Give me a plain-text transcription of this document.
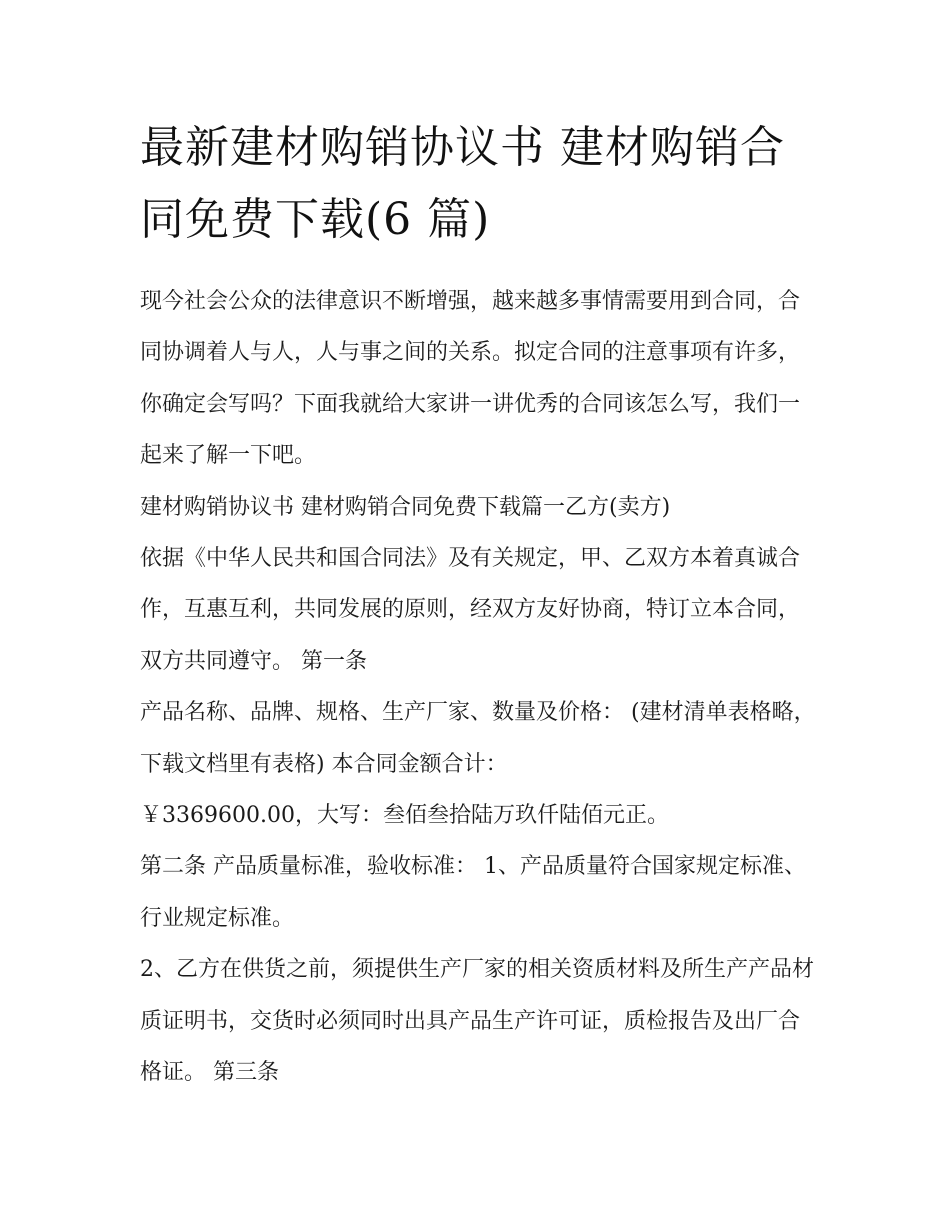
最新建材购销协议书 建材购销合同免费下载(6 篇)

现今社会公众的法律意识不断增强，越来越多事情需要用到合同，合同协调着人与人，人与事之间的关系。拟定合同的注意事项有许多，你确定会写吗？下面我就给大家讲一讲优秀的合同该怎么写，我们一起来了解一下吧。

建材购销协议书 建材购销合同免费下载篇一乙方(卖方)

依据《中华人民共和国合同法》及有关规定，甲、乙双方本着真诚合作，互惠互利，共同发展的原则，经双方友好协商，特订立本合同，双方共同遵守。 第一条

产品名称、品牌、规格、生产厂家、数量及价格： (建材清单表格略，下载文档里有表格) 本合同金额合计：

￥3369600.00，大写：叁佰叁拾陆万玖仟陆佰元正。

第二条 产品质量标准，验收标准： 1、产品质量符合国家规定标准、行业规定标准。

2、乙方在供货之前，须提供生产厂家的相关资质材料及所生产产品材质证明书，交货时必须同时出具产品生产许可证，质检报告及出厂合格证。 第三条
